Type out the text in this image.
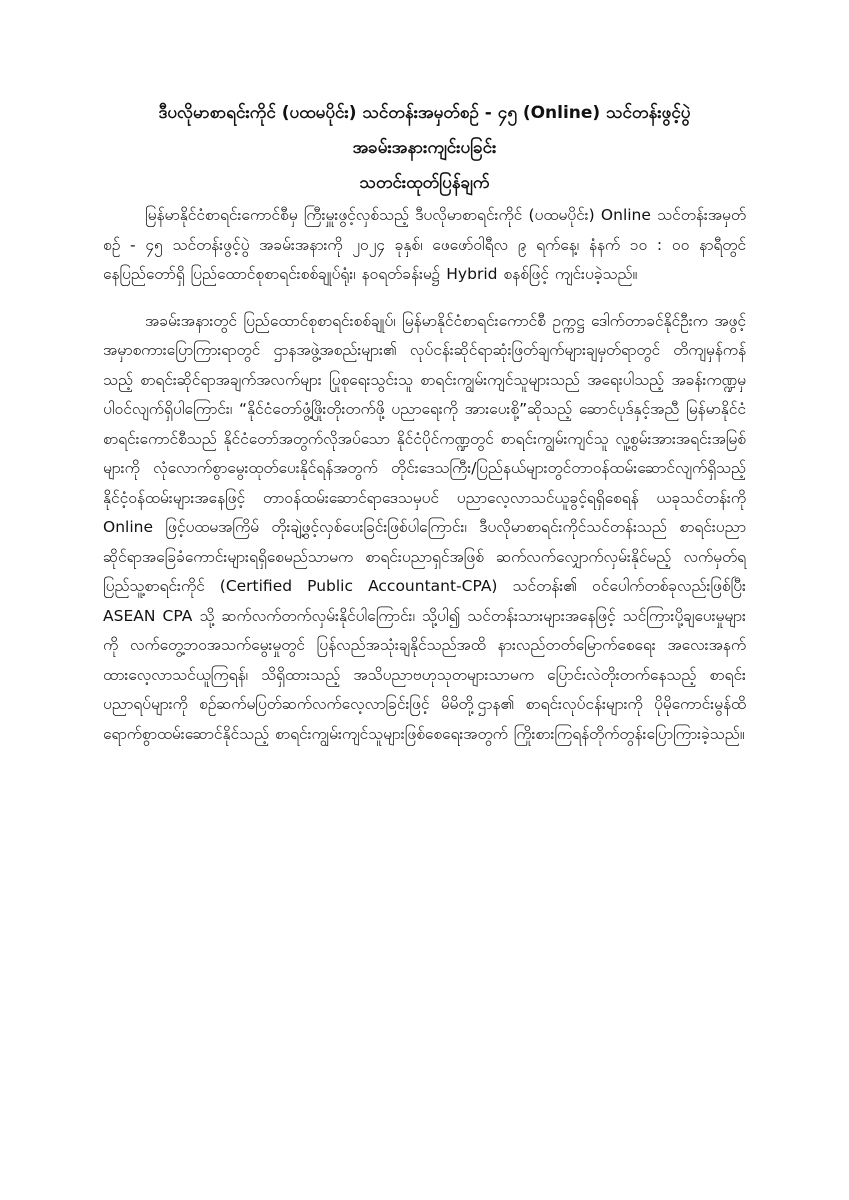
ဒီပလိုမာစာရင်းကိုင် (ပထမပိုင်း) သင်တန်းအမှတ်စဉ် - ၄၅ (Online) သင်တန်းဖွင့်ပွဲ
အခမ်းအနားကျင်းပခြင်း
သတင်းထုတ်ပြန်ချက်

မြန်မာနိုင်ငံစာရင်းကောင်စီမှ ကြီးမှူးဖွင့်လှစ်သည့် ဒီပလိုမာစာရင်းကိုင် (ပထမပိုင်း) Online သင်တန်းအမှတ်စဉ် - ၄၅ သင်တန်းဖွင့်ပွဲ အခမ်းအနားကို ၂၀၂၄ ခုနှစ်၊ ဖေဖော်ဝါရီလ ၉ ရက်နေ့၊ နံနက် ၁၀ : ၀၀ နာရီတွင် နေပြည်တော်ရှိ ပြည်ထောင်စုစာရင်းစစ်ချုပ်ရုံး၊ နဝရတ်ခန်းမ၌ Hybrid စနစ်ဖြင့် ကျင်းပခဲ့သည်။

အခမ်းအနားတွင် ပြည်ထောင်စုစာရင်းစစ်ချုပ်၊ မြန်မာနိုင်ငံစာရင်းကောင်စီ ဥက္ကဋ္ဌ ဒေါက်တာခင်နိုင်ဦးက အဖွင့်အမှာစကားပြောကြားရာတွင် ဌာနအဖွဲ့အစည်းများ၏ လုပ်ငန်းဆိုင်ရာဆုံးဖြတ်ချက်များချမှတ်ရာတွင် တိကျမှန်ကန်သည့် စာရင်းဆိုင်ရာအချက်အလက်များ ပြုစုရေးသွင်းသူ စာရင်းကျွမ်းကျင်သူများသည် အရေးပါသည့် အခန်းကဏ္ဍမှပါဝင်လျက်ရှိပါကြောင်း၊ “နိုင်ငံတော်ဖွံ့ဖြိုးတိုးတက်ဖို့ ပညာရေးကို အားပေးစို့”ဆိုသည့် ဆောင်ပုဒ်နှင့်အညီ မြန်မာနိုင်ငံစာရင်းကောင်စီသည် နိုင်ငံတော်အတွက်လိုအပ်သော နိုင်ငံပိုင်ကဏ္ဍတွင် စာရင်းကျွမ်းကျင်သူ လူ့စွမ်းအားအရင်းအမြစ်များကို လုံလောက်စွာမွေးထုတ်ပေးနိုင်ရန်အတွက် တိုင်းဒေသကြီး/ပြည်နယ်များတွင်တာဝန်ထမ်းဆောင်လျက်ရှိသည့် နိုင်ငံ့ဝန်ထမ်းများအနေဖြင့် တာဝန်ထမ်းဆောင်ရာဒေသမှပင် ပညာလေ့လာသင်ယူခွင့်ရရှိစေရန် ယခုသင်တန်းကို Online ဖြင့်ပထမအကြိမ် တိုးချဲ့ဖွင့်လှစ်ပေးခြင်းဖြစ်ပါကြောင်း၊ ဒီပလိုမာစာရင်းကိုင်သင်တန်းသည် စာရင်းပညာဆိုင်ရာအခြေခံကောင်းများရရှိစေမည်သာမက စာရင်းပညာရှင်အဖြစ် ဆက်လက်လျှောက်လှမ်းနိုင်မည့် လက်မှတ်ရပြည်သူ့စာရင်းကိုင် (Certified Public Accountant-CPA) သင်တန်း၏ ဝင်ပေါက်တစ်ခုလည်းဖြစ်ပြီး ASEAN CPA သို့ ဆက်လက်တက်လှမ်းနိုင်ပါကြောင်း၊ သို့ပါ၍ သင်တန်းသားများအနေဖြင့် သင်ကြားပို့ချပေးမှုများကို လက်တွေ့ဘဝအသက်မွေးမှုတွင် ပြန်လည်အသုံးချနိုင်သည်အထိ နားလည်တတ်မြောက်စေရေး အလေးအနက်ထားလေ့လာသင်ယူကြရန်၊ သိရှိထားသည့် အသိပညာဗဟုသုတများသာမက ပြောင်းလဲတိုးတက်နေသည့် စာရင်းပညာရပ်များကို စဉ်ဆက်မပြတ်ဆက်လက်လေ့လာခြင်းဖြင့် မိမိတို့ဌာန၏ စာရင်းလုပ်ငန်းများကို ပိုမိုကောင်းမွန်ထိရောက်စွာထမ်းဆောင်နိုင်သည့် စာရင်းကျွမ်းကျင်သူများဖြစ်စေရေးအတွက် ကြိုးစားကြရန်တိုက်တွန်းပြောကြားခဲ့သည်။
